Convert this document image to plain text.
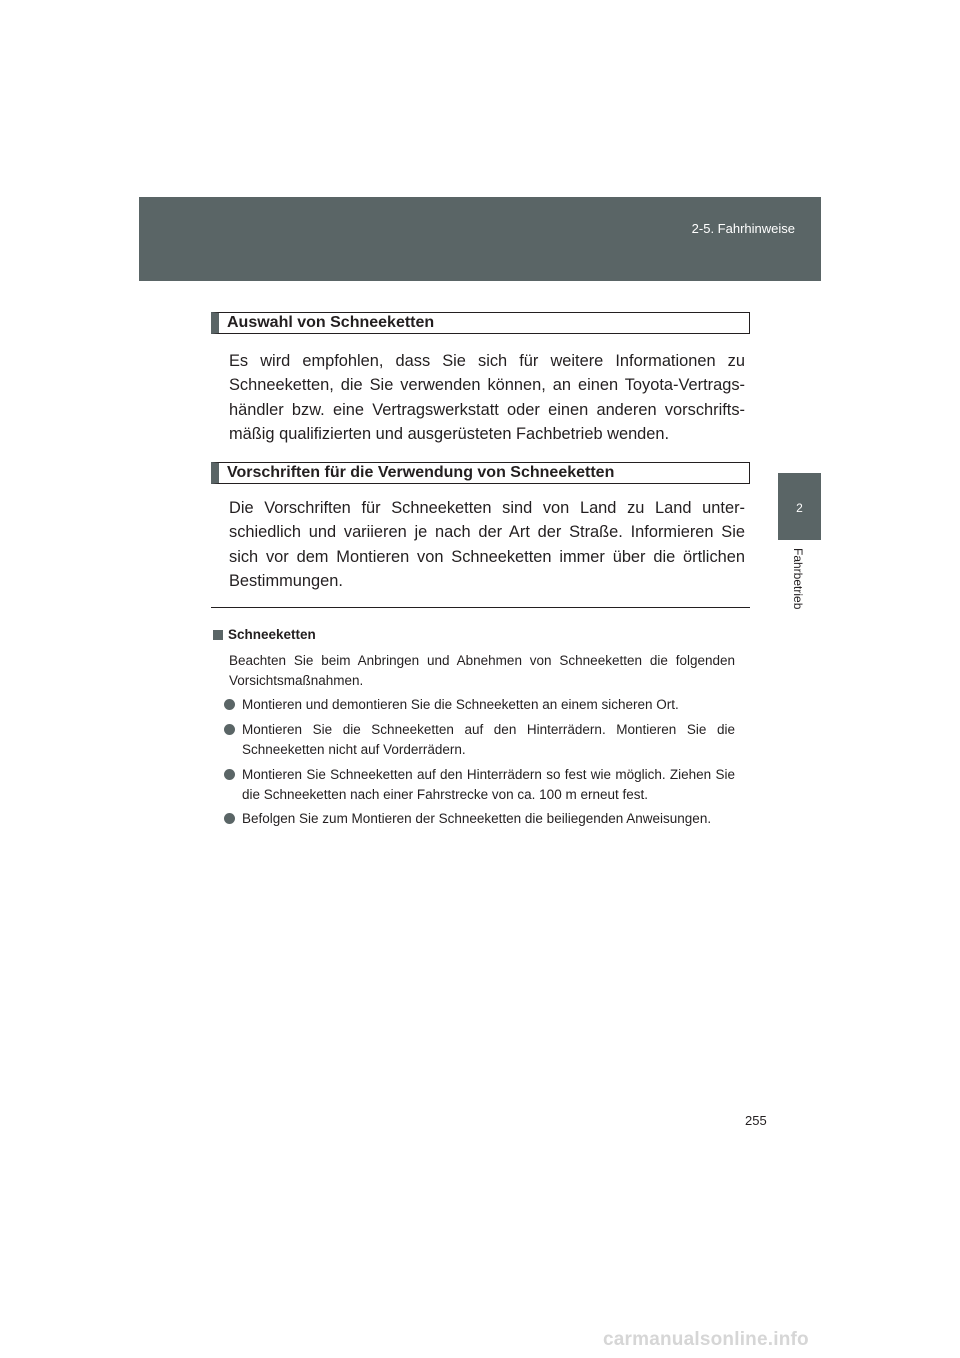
2-5. Fahrhinweise
2
Fahrbetrieb
Auswahl von Schneeketten
Es wird empfohlen, dass Sie sich für weitere Informationen zu Schneeketten, die Sie verwenden können, an einen Toyota-Vertragshändler bzw. eine Vertragswerkstatt oder einen anderen vorschriftsmäßig qualifizierten und ausgerüsteten Fachbetrieb wenden.
Vorschriften für die Verwendung von Schneeketten
Die Vorschriften für Schneeketten sind von Land zu Land unterschiedlich und variieren je nach der Art der Straße. Informieren Sie sich vor dem Montieren von Schneeketten immer über die örtlichen Bestimmungen.
Schneeketten
Beachten Sie beim Anbringen und Abnehmen von Schneeketten die folgenden Vorsichtsmaßnahmen.
Montieren und demontieren Sie die Schneeketten an einem sicheren Ort.
Montieren Sie die Schneeketten auf den Hinterrädern. Montieren Sie die Schneeketten nicht auf Vorderrädern.
Montieren Sie Schneeketten auf den Hinterrädern so fest wie möglich. Ziehen Sie die Schneeketten nach einer Fahrstrecke von ca. 100 m erneut fest.
Befolgen Sie zum Montieren der Schneeketten die beiliegenden Anweisungen.
255
carmanualsonline.info
